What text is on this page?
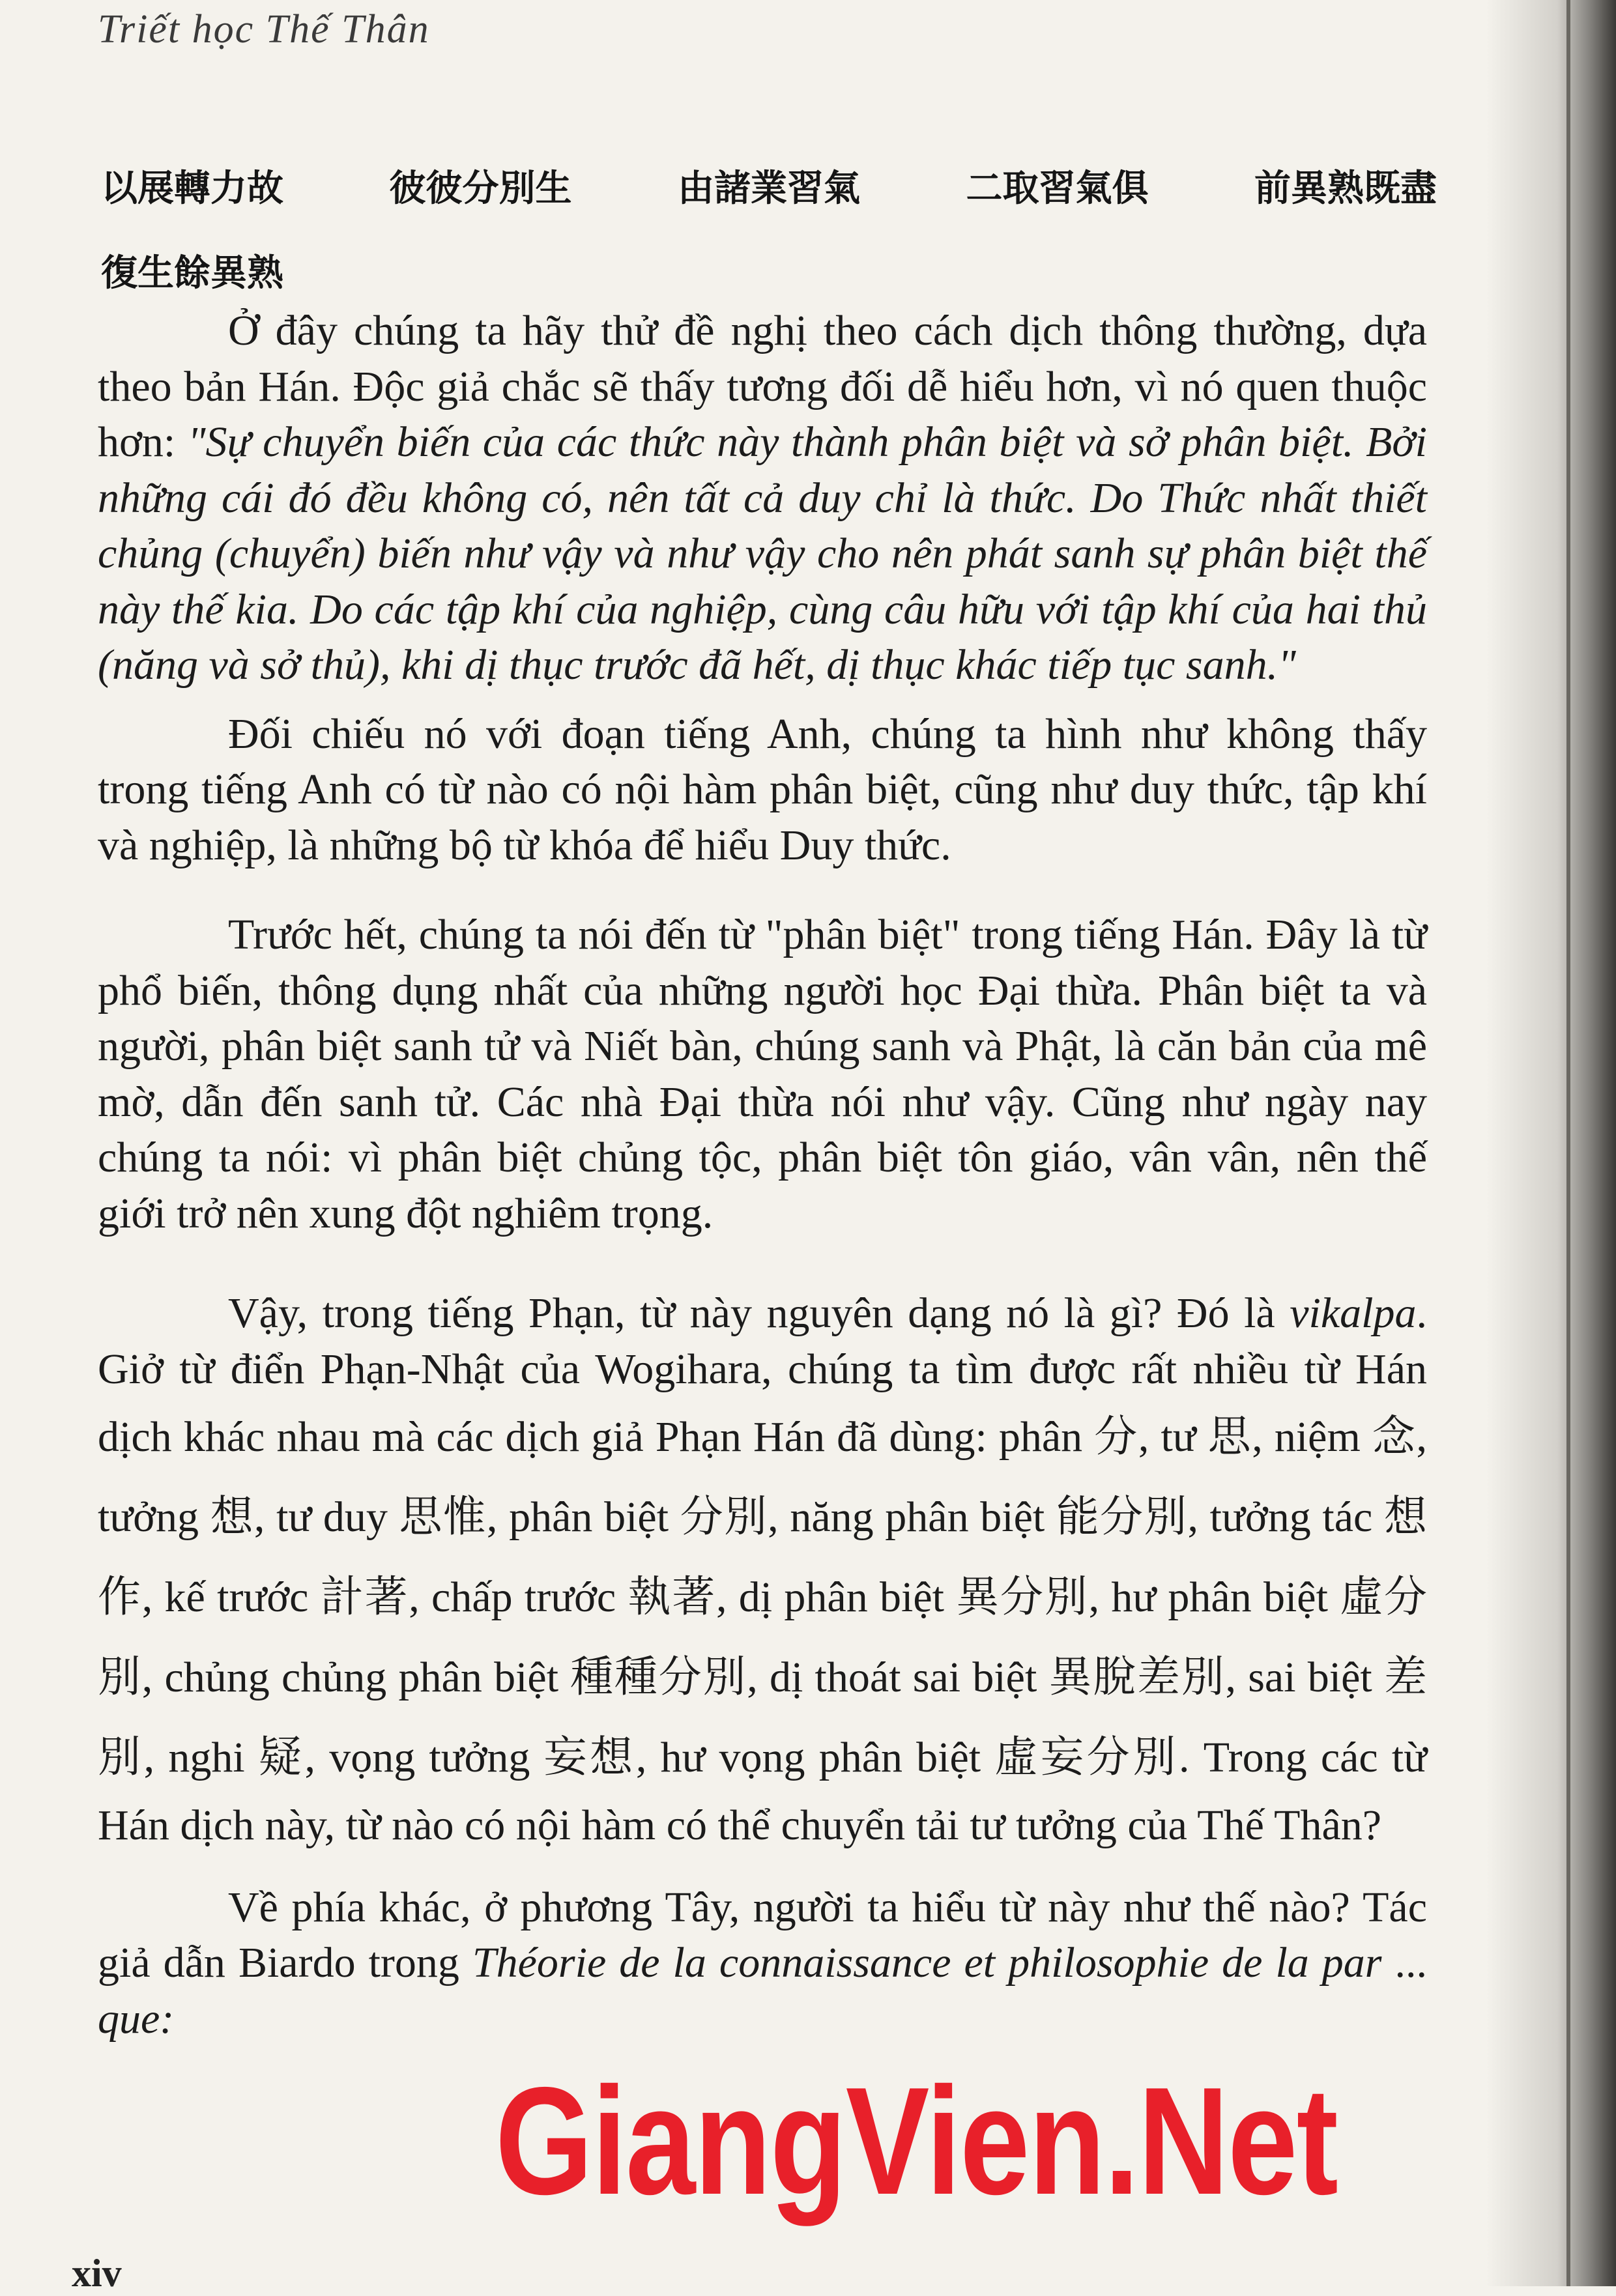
Triết học Thế Thân
以展轉力故	彼彼分別生	由諸業習氣	二取習氣俱	前異熟既盡
復生餘異熟

Ở đây chúng ta hãy thử đề nghị theo cách dịch thông thường, dựa theo bản Hán. Độc giả chắc sẽ thấy tương đối dễ hiểu hơn, vì nó quen thuộc hơn: "Sự chuyển biến của các thức này thành phân biệt và sở phân biệt. Bởi những cái đó đều không có, nên tất cả duy chỉ là thức. Do Thức nhất thiết chủng (chuyển) biến như vậy và như vậy cho nên phát sanh sự phân biệt thế này thế kia. Do các tập khí của nghiệp, cùng câu hữu với tập khí của hai thủ (năng và sở thủ), khi dị thục trước đã hết, dị thục khác tiếp tục sanh."

Đối chiếu nó với đoạn tiếng Anh, chúng ta hình như không thấy trong tiếng Anh có từ nào có nội hàm phân biệt, cũng như duy thức, tập khí và nghiệp, là những bộ từ khóa để hiểu Duy thức.

Trước hết, chúng ta nói đến từ "phân biệt" trong tiếng Hán. Đây là từ phổ biến, thông dụng nhất của những người học Đại thừa. Phân biệt ta và người, phân biệt sanh tử và Niết bàn, chúng sanh và Phật, là căn bản của mê mờ, dẫn đến sanh tử. Các nhà Đại thừa nói như vậy. Cũng như ngày nay chúng ta nói: vì phân biệt chủng tộc, phân biệt tôn giáo, vân vân, nên thế giới trở nên xung đột nghiêm trọng.

Vậy, trong tiếng Phạn, từ này nguyên dạng nó là gì? Đó là vikalpa. Giở từ điển Phạn-Nhật của Wogihara, chúng ta tìm được rất nhiều từ Hán dịch khác nhau mà các dịch giả Phạn Hán đã dùng: phân 分, tư 思, niệm 念, tưởng 想, tư duy 思惟, phân biệt 分別, năng phân biệt 能分別, tưởng tác 想作, kế trước 計著, chấp trước 執著, dị phân biệt 異分別, hư phân biệt 虛分別, chủng chủng phân biệt 種種分別, dị thoát sai biệt 異脫差別, sai biệt 差別, nghi 疑, vọng tưởng 妄想, hư vọng phân biệt 虛妄分別. Trong các từ Hán dịch này, từ nào có nội hàm có thể chuyển tải tư tưởng của Thế Thân?

Về phía khác, ở phương Tây, người ta hiểu từ này như thế nào? Tác giả dẫn Biardo trong Théorie de la connaissance et philosophie de la par ... que:

GiangVien.Net
xiv
